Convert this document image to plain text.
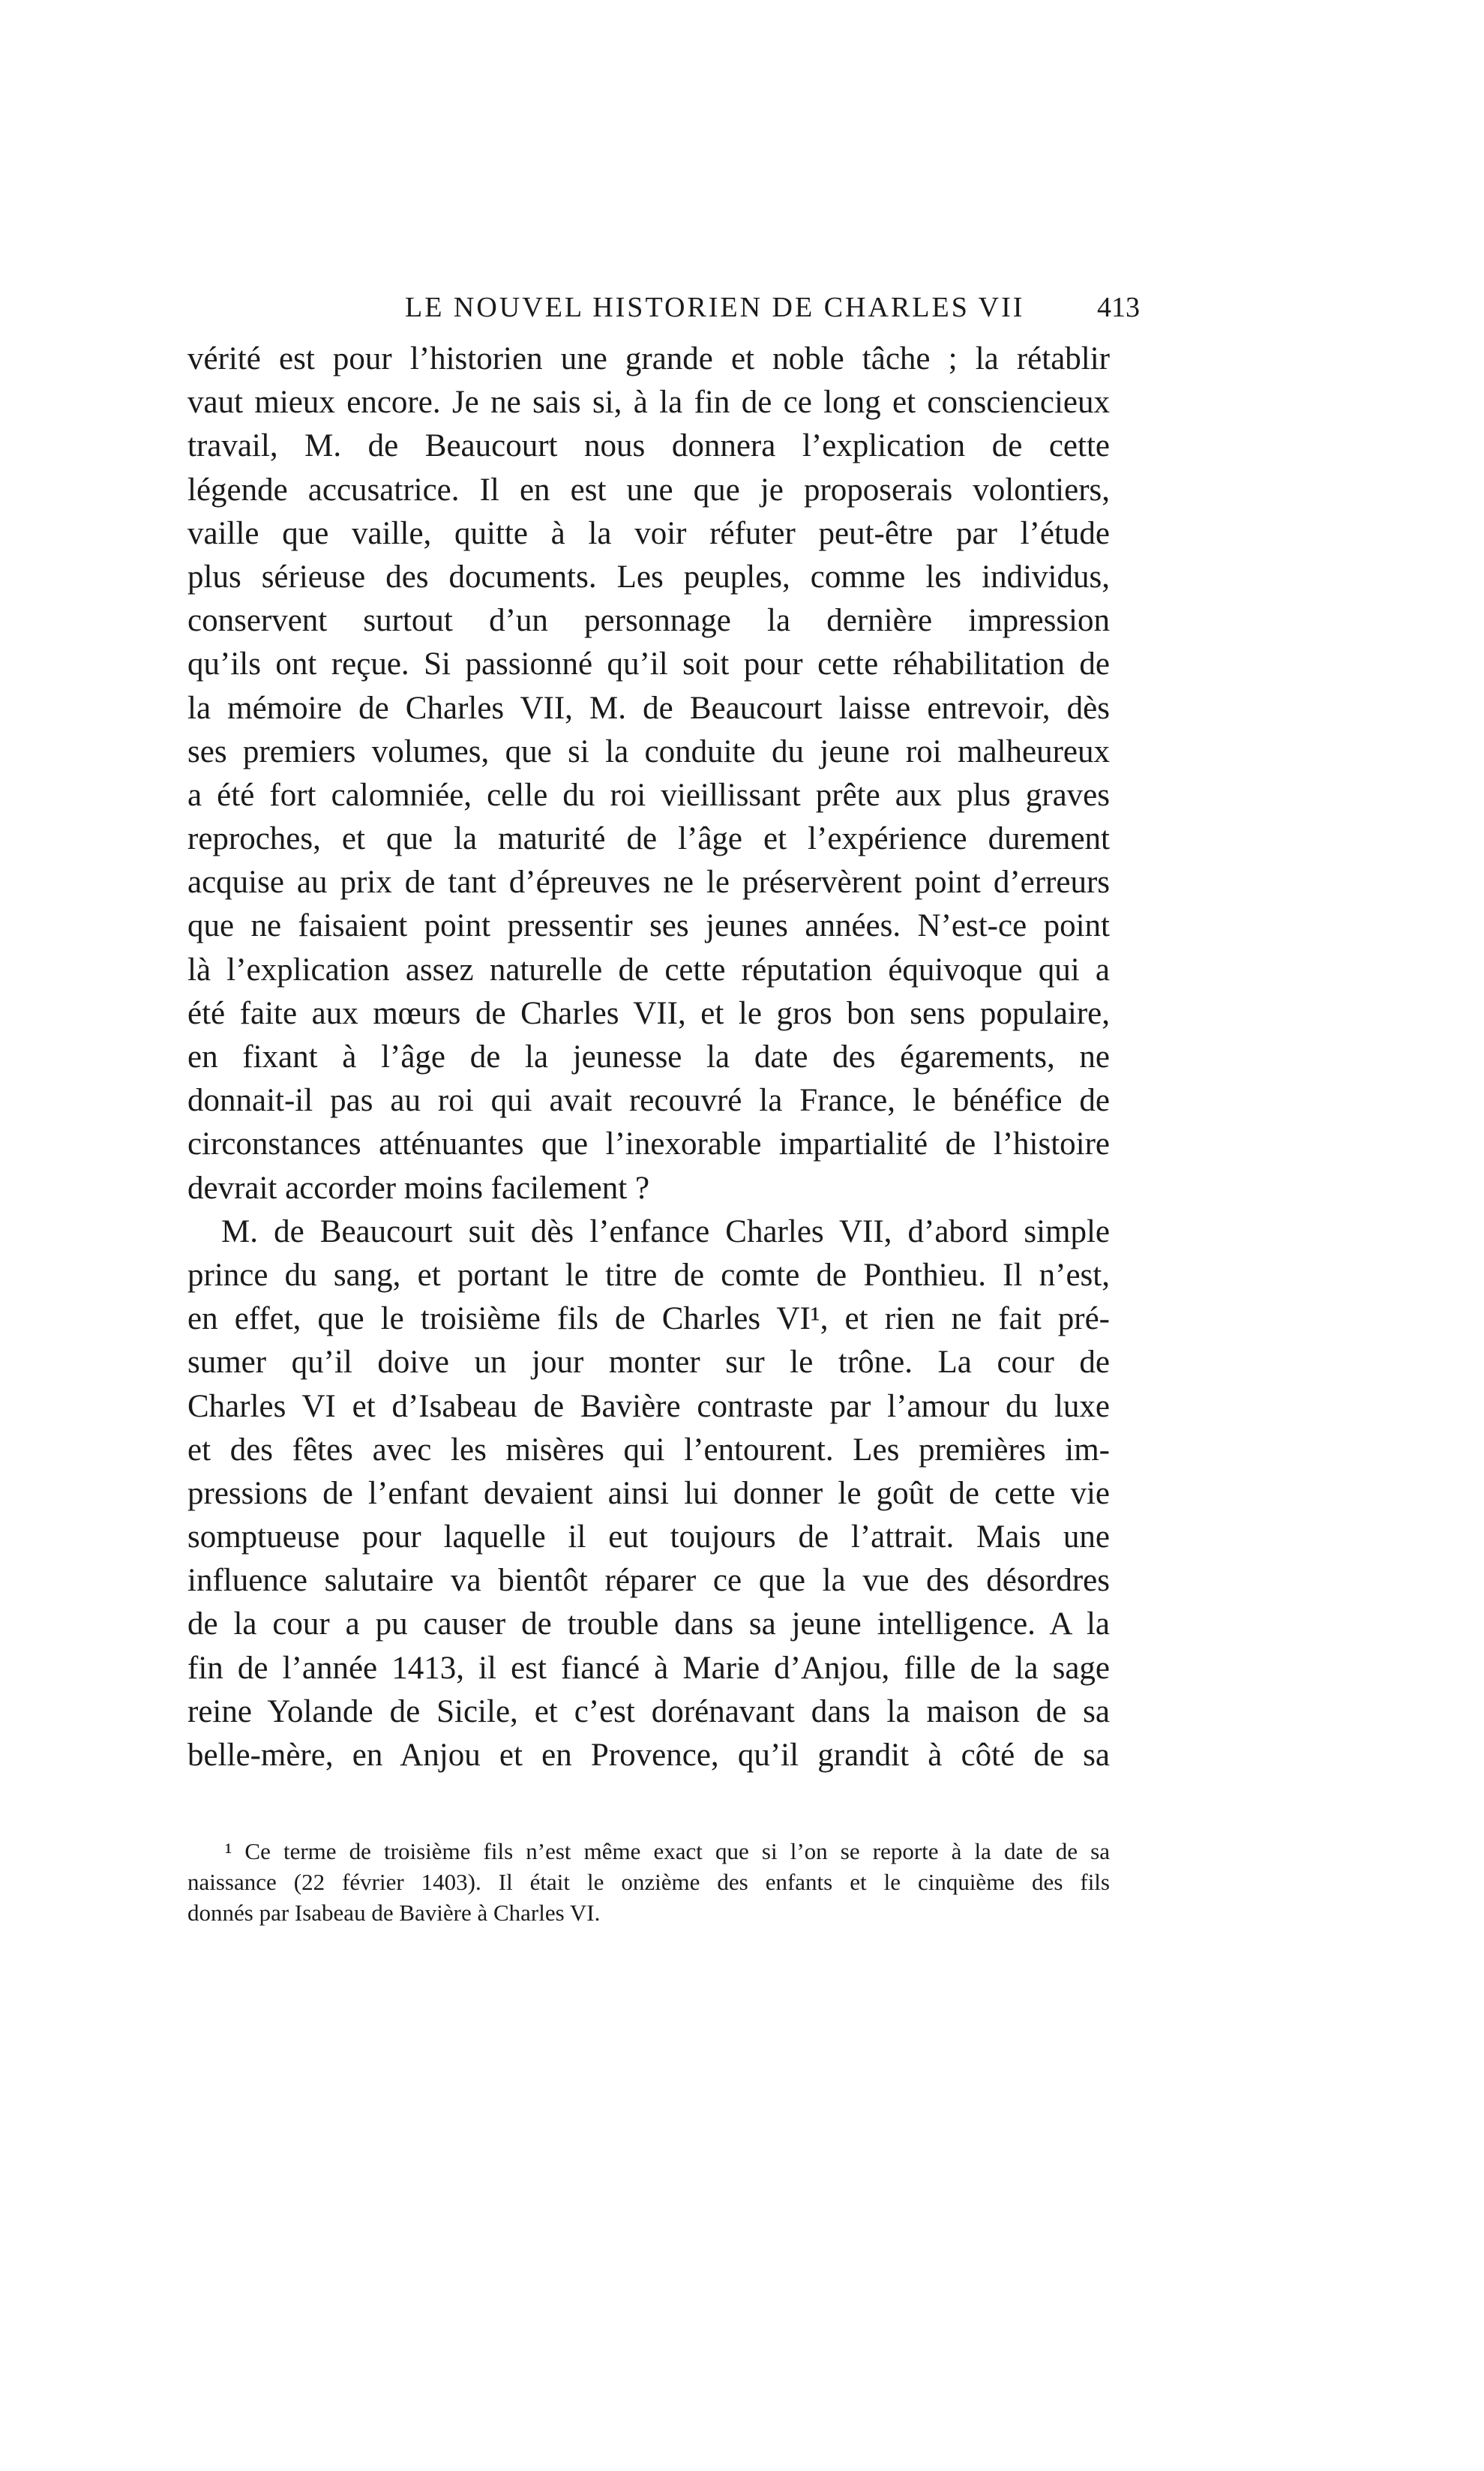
LE NOUVEL HISTORIEN DE CHARLES VII	413
vérité est pour l’historien une grande et noble tâche ; la rétablir
vaut mieux encore. Je ne sais si, à la fin de ce long et consciencieux
travail, M. de Beaucourt nous donnera l’explication de cette
légende accusatrice. Il en est une que je proposerais volontiers,
vaille que vaille, quitte à la voir réfuter peut-être par l’étude
plus sérieuse des documents. Les peuples, comme les individus,
conservent surtout d’un personnage la dernière impression
qu’ils ont reçue. Si passionné qu’il soit pour cette réhabilitation de
la mémoire de Charles VII, M. de Beaucourt laisse entrevoir, dès
ses premiers volumes, que si la conduite du jeune roi malheureux
a été fort calomniée, celle du roi vieillissant prête aux plus graves
reproches, et que la maturité de l’âge et l’expérience durement
acquise au prix de tant d’épreuves ne le préservèrent point d’erreurs
que ne faisaient point pressentir ses jeunes années. N’est-ce point
là l’explication assez naturelle de cette réputation équivoque qui a
été faite aux mœurs de Charles VII, et le gros bon sens populaire,
en fixant à l’âge de la jeunesse la date des égarements, ne
donnait-il pas au roi qui avait recouvré la France, le bénéfice de
circonstances atténuantes que l’inexorable impartialité de l’histoire
devrait accorder moins facilement ?
M. de Beaucourt suit dès l’enfance Charles VII, d’abord simple
prince du sang, et portant le titre de comte de Ponthieu. Il n’est,
en effet, que le troisième fils de Charles VI¹, et rien ne fait pré-
sumer qu’il doive un jour monter sur le trône. La cour de
Charles VI et d’Isabeau de Bavière contraste par l’amour du luxe
et des fêtes avec les misères qui l’entourent. Les premières im-
pressions de l’enfant devaient ainsi lui donner le goût de cette vie
somptueuse pour laquelle il eut toujours de l’attrait. Mais une
influence salutaire va bientôt réparer ce que la vue des désordres
de la cour a pu causer de trouble dans sa jeune intelligence. A la
fin de l’année 1413, il est fiancé à Marie d’Anjou, fille de la sage
reine Yolande de Sicile, et c’est dorénavant dans la maison de sa
belle-mère, en Anjou et en Provence, qu’il grandit à côté de sa
¹ Ce terme de troisième fils n’est même exact que si l’on se reporte à la date de sa
naissance (22 février 1403). Il était le onzième des enfants et le cinquième des fils
donnés par Isabeau de Bavière à Charles VI.
